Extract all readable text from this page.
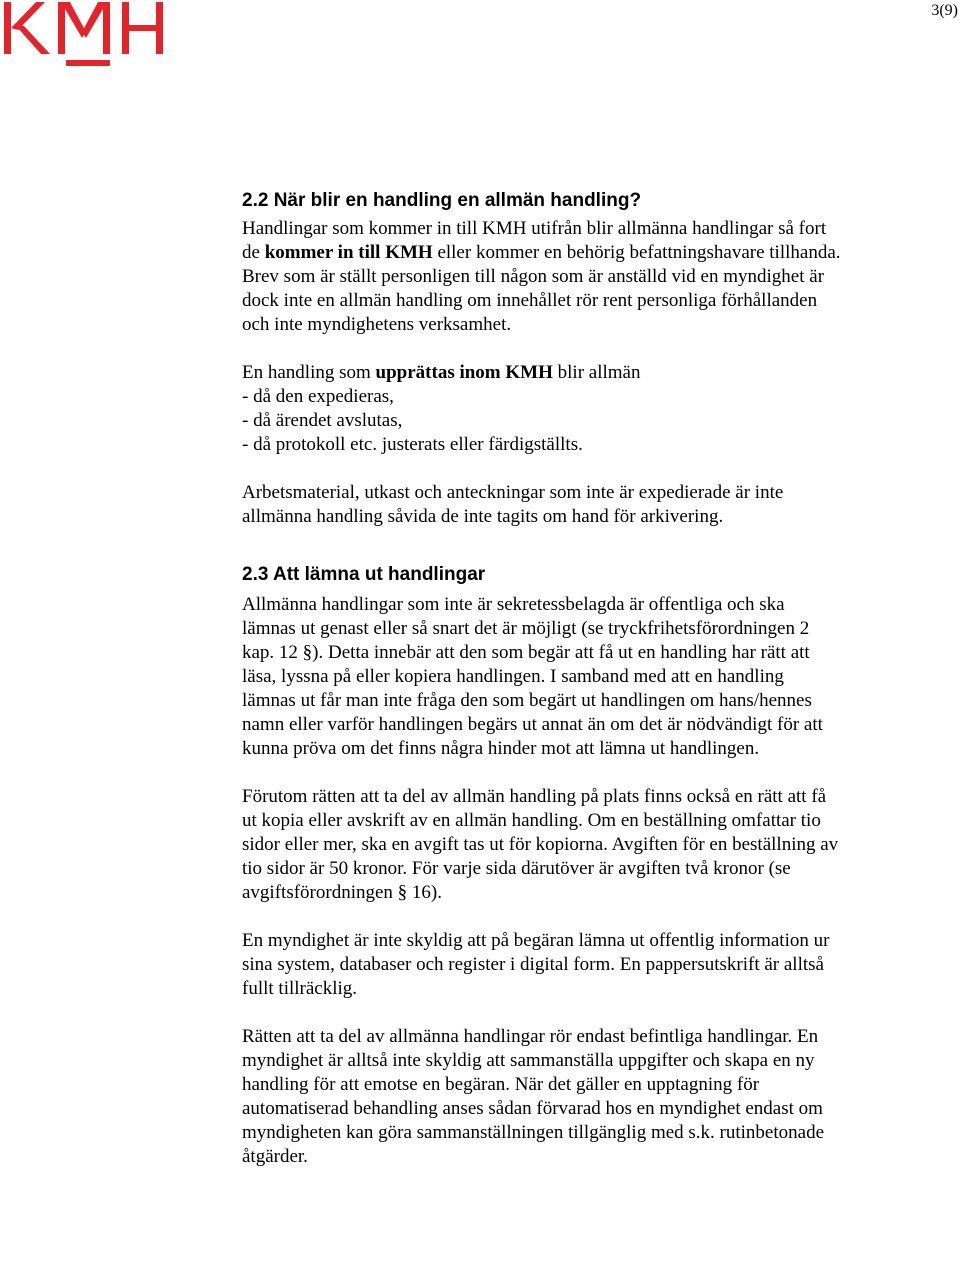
3(9)
2.2 När blir en handling en allmän handling?

Handlingar som kommer in till KMH utifrån blir allmänna handlingar så fort de kommer in till KMH eller kommer en behörig befattningshavare tillhanda. Brev som är ställt personligen till någon som är anställd vid en myndighet är dock inte en allmän handling om innehållet rör rent personliga förhållanden och inte myndighetens verksamhet.

En handling som upprättas inom KMH blir allmän

- då den expedieras,

- då ärendet avslutas,

- då protokoll etc. justerats eller färdigställts.

Arbetsmaterial, utkast och anteckningar som inte är expedierade är inte allmänna handling såvida de inte tagits om hand för arkivering.

2.3 Att lämna ut handlingar

Allmänna handlingar som inte är sekretessbelagda är offentliga och ska lämnas ut genast eller så snart det är möjligt (se tryckfrihetsförordningen 2 kap. 12 §). Detta innebär att den som begär att få ut en handling har rätt att läsa, lyssna på eller kopiera handlingen. I samband med att en handling lämnas ut får man inte fråga den som begärt ut handlingen om hans/hennes namn eller varför handlingen begärs ut annat än om det är nödvändigt för att kunna pröva om det finns några hinder mot att lämna ut handlingen.

Förutom rätten att ta del av allmän handling på plats finns också en rätt att få ut kopia eller avskrift av en allmän handling. Om en beställning omfattar tio sidor eller mer, ska en avgift tas ut för kopiorna. Avgiften för en beställning av tio sidor är 50 kronor. För varje sida därutöver är avgiften två kronor (se avgiftsförordningen § 16).

En myndighet är inte skyldig att på begäran lämna ut offentlig information ur sina system, databaser och register i digital form. En pappersutskrift är alltså fullt tillräcklig.

Rätten att ta del av allmänna handlingar rör endast befintliga handlingar. En myndighet är alltså inte skyldig att sammanställa uppgifter och skapa en ny handling för att emotse en begäran. När det gäller en upptagning för automatiserad behandling anses sådan förvarad hos en myndighet endast om myndigheten kan göra sammanställningen tillgänglig med s.k. rutinbetonade åtgärder.
